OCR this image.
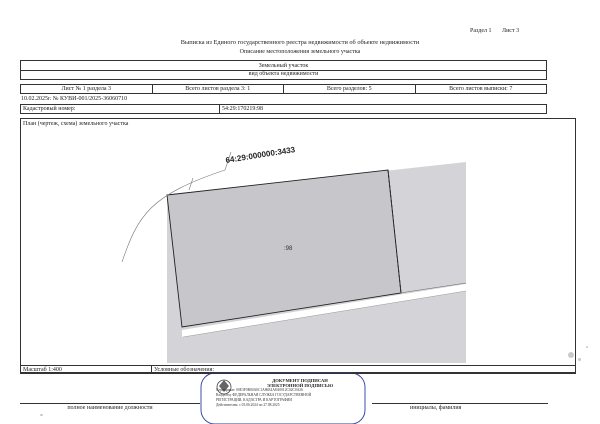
Раздел 1 Лист 3
Выписка из Единого государственного реестра недвижимости об объекте недвижимости
Описание местоположения земельного участка
Земельный участок
вид объекта недвижимости
Лист № 1 раздела 3	Всего листов раздела 3: 1	Всего разделов: 5	Всего листов выписки: 7
10.02.2025г. № КУВИ-001/2025-36060710
Кадастровый номер:	54:29:170219:98
План (чертеж, схема) земельного участка
64:29:000000:3433
:98
Масштаб 1:400	Условные обозначения:
ДОКУМЕНТ ПОДПИСАН
ЭЛЕКТРОННОЙ ПОДПИСЬЮ
Сертификат: 00E3F0B00A0C1A86E4A8A0012C02C0A26
Владелец: ФЕДЕРАЛЬНАЯ СЛУЖБА ГОСУДАРСТВЕННОЙ
РЕГИСТРАЦИИ, КАДАСТРА И КАРТОГРАФИИ
Действителен: с 03.06.2024 по 27.08.2025
полное наименование должности	инициалы, фамилия
